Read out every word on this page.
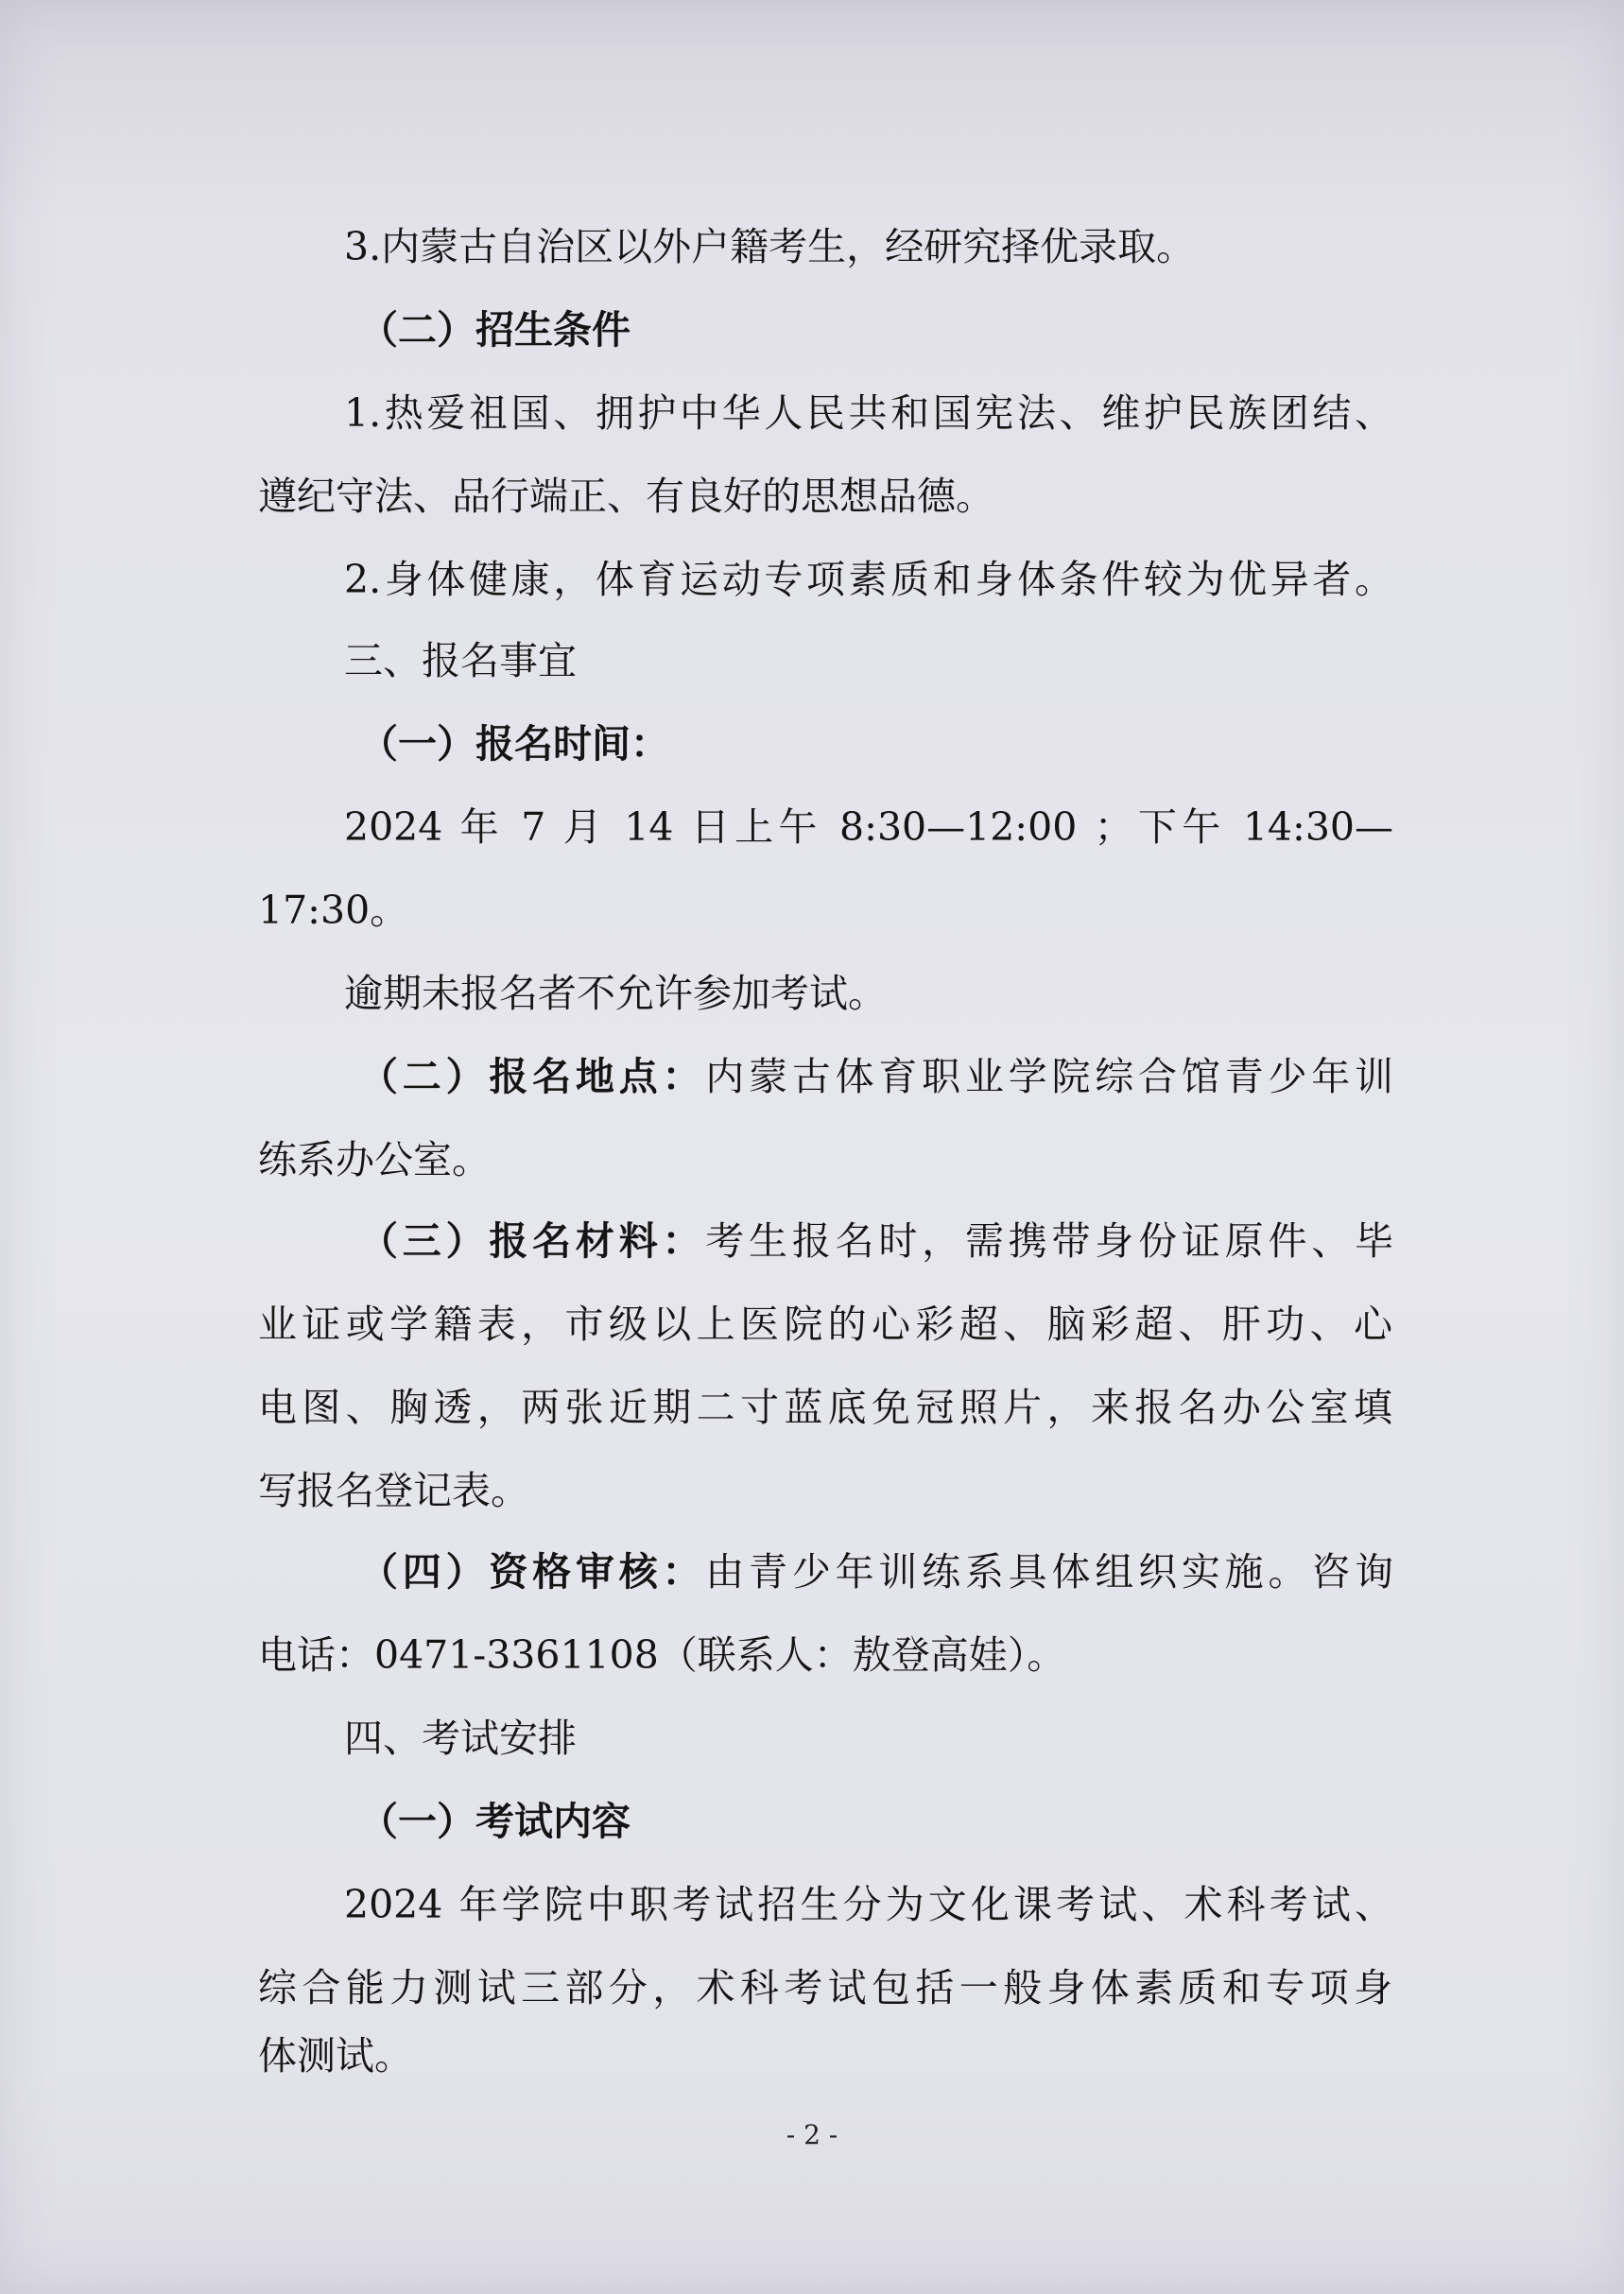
3.内蒙古自治区以外户籍考生，经研究择优录取。
（二）招生条件
1.热爱祖国、拥护中华人民共和国宪法、维护民族团结、
遵纪守法、品行端正、有良好的思想品德。
2.身体健康，体育运动专项素质和身体条件较为优异者。
三、报名事宜
（一）报名时间：
2024 年 7 月 14 日上午 8:30—12:00 ；下午 14:30—
17:30。
逾期未报名者不允许参加考试。
（二）报名地点：内蒙古体育职业学院综合馆青少年训
练系办公室。
（三）报名材料：考生报名时，需携带身份证原件、毕
业证或学籍表，市级以上医院的心彩超、脑彩超、肝功、心
电图、胸透，两张近期二寸蓝底免冠照片，来报名办公室填
写报名登记表。
（四）资格审核：由青少年训练系具体组织实施。咨询
电话：0471-3361108（联系人：敖登高娃）。
四、考试安排
（一）考试内容
2024 年学院中职考试招生分为文化课考试、术科考试、
综合能力测试三部分，术科考试包括一般身体素质和专项身
体测试。
- 2 -
